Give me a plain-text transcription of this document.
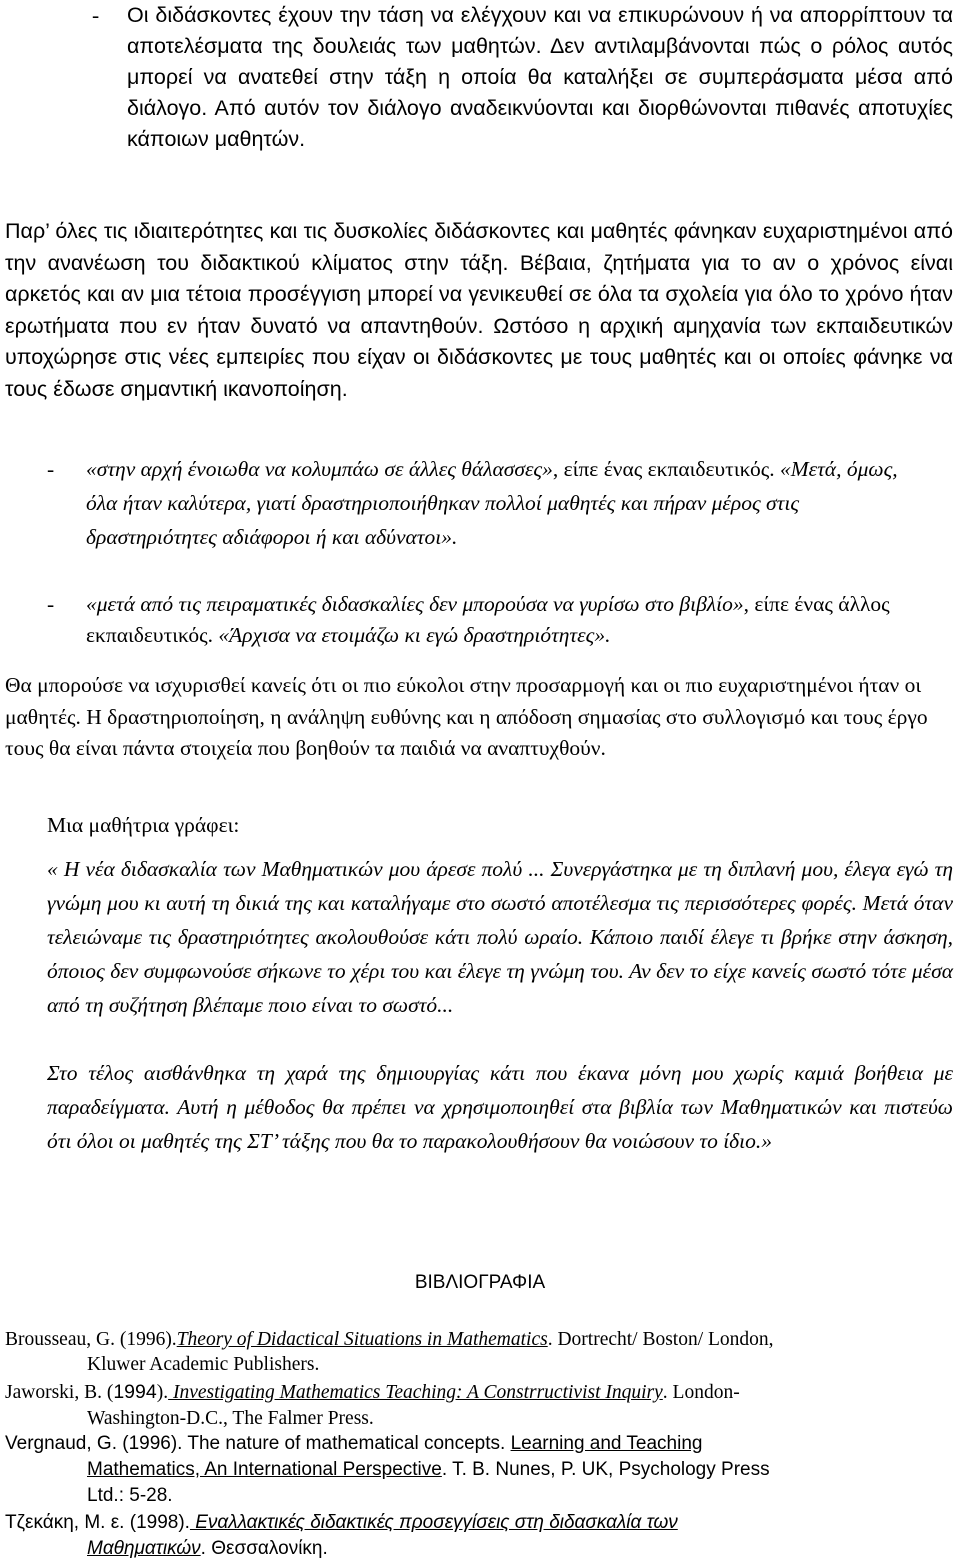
- Οι διδάσκοντες έχουν την τάση να ελέγχουν και να επικυρώνουν ή να απορρίπτουν τα αποτελέσματα της δουλειάς των μαθητών. Δεν αντιλαμβάνονται πώς ο ρόλος αυτός μπορεί να ανατεθεί στην τάξη η οποία θα καταλήξει σε συμπεράσματα μέσα από διάλογο. Από αυτόν τον διάλογο αναδεικνύονται και διορθώνονται πιθανές αποτυχίες κάποιων μαθητών.

Παρ’ όλες τις ιδιαιτερότητες και τις δυσκολίες διδάσκοντες και μαθητές φάνηκαν ευχαριστημένοι από την ανανέωση του διδακτικού κλίματος στην τάξη. Βέβαια, ζητήματα για το αν ο χρόνος είναι αρκετός και αν μια τέτοια προσέγγιση μπορεί να γενικευθεί σε όλα τα σχολεία για όλο το χρόνο ήταν ερωτήματα που εν ήταν δυνατό να απαντηθούν. Ωστόσο η αρχική αμηχανία των εκπαιδευτικών υποχώρησε στις νέες εμπειρίες που είχαν οι διδάσκοντες με τους μαθητές και οι οποίες φάνηκε να τους έδωσε σημαντική ικανοποίηση.

- «στην αρχή ένοιωθα να κολυμπάω σε άλλες θάλασσες», είπε ένας εκπαιδευτικός. «Μετά, όμως, όλα ήταν καλύτερα, γιατί δραστηριοποιήθηκαν πολλοί μαθητές και πήραν μέρος στις δραστηριότητες αδιάφοροι ή και αδύνατοι».

- «μετά από τις πειραματικές διδασκαλίες δεν μπορούσα να γυρίσω στο βιβλίο», είπε ένας άλλος εκπαιδευτικός. «Άρχισα να ετοιμάζω κι εγώ δραστηριότητες».

Θα μπορούσε να ισχυρισθεί κανείς ότι οι πιο εύκολοι στην προσαρμογή και οι πιο ευχαριστημένοι ήταν οι μαθητές. Η δραστηριοποίηση, η ανάληψη ευθύνης και η απόδοση σημασίας στο συλλογισμό και τους έργο τους θα είναι πάντα στοιχεία που βοηθούν τα παιδιά να αναπτυχθούν.

Μια μαθήτρια γράφει:

« Η νέα διδασκαλία των Μαθηματικών μου άρεσε πολύ ... Συνεργάστηκα με τη διπλανή μου, έλεγα εγώ τη γνώμη μου κι αυτή τη δικιά της και καταλήγαμε στο σωστό αποτέλεσμα τις περισσότερες φορές. Μετά όταν τελειώναμε τις δραστηριότητες ακολουθούσε κάτι πολύ ωραίο. Κάποιο παιδί έλεγε τι βρήκε στην άσκηση, όποιος δεν συμφωνούσε σήκωνε το χέρι του και έλεγε τη γνώμη του. Αν δεν το είχε κανείς σωστό τότε μέσα από τη συζήτηση βλέπαμε ποιο είναι το σωστό...

Στο τέλος αισθάνθηκα τη χαρά της δημιουργίας κάτι που έκανα μόνη μου χωρίς καμιά βοήθεια με παραδείγματα. Αυτή η μέθοδος θα πρέπει να χρησιμοποιηθεί στα βιβλία των Μαθηματικών και πιστεύω ότι όλοι οι μαθητές της ΣΤ’ τάξης που θα το παρακολουθήσουν θα νοιώσουν το ίδιο.»

ΒΙΒΛΙΟΓΡΑΦΙΑ

Brousseau, G. (1996).Theory of Didactical Situations in Mathematics. Dortrecht/ Boston/ London,
Kluwer Academic Publishers.

Jaworski, B. (1994). Investigating Mathematics Teaching: A Constrructivist Inquiry. London-
Washington-D.C., The Falmer Press.

Vergnaud, G. (1996). The nature of mathematical concepts. Learning and Teaching
Mathematics, An International Perspective. T. B. Nunes, P. UK, Psychology Press
Ltd.: 5-28.

Τζεκάκη, Μ. ε. (1998). Εναλλακτικές διδακτικές προσεγγίσεις στη διδασκαλία των
Μαθηματικών. Θεσσαλονίκη.
